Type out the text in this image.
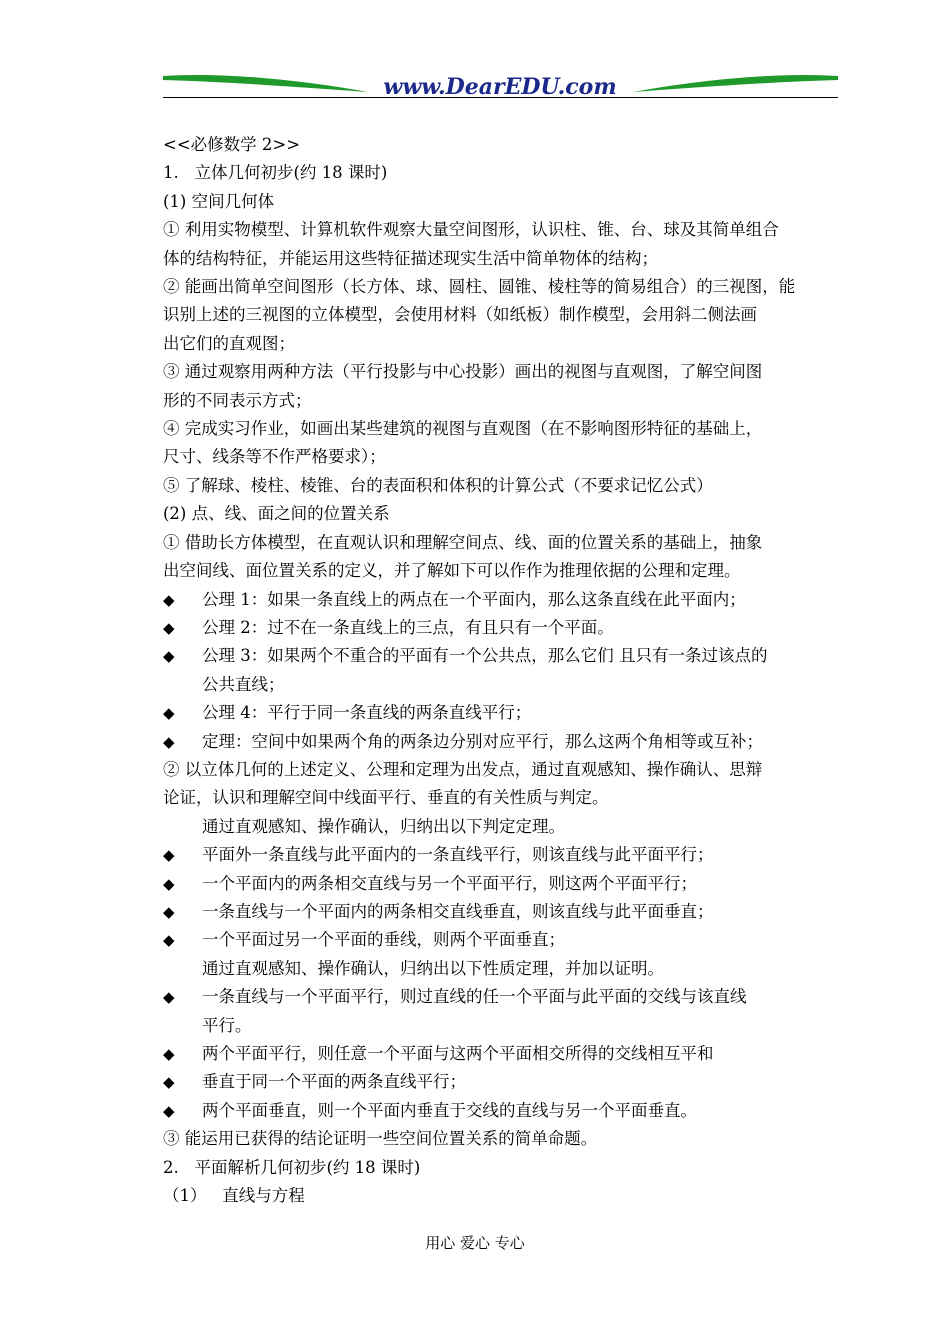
www.DearEDU.com
<<必修数学 2>>
1.   立体几何初步(约 18 课时)
(1) 空间几何体
① 利用实物模型、计算机软件观察大量空间图形，认识柱、锥、台、球及其简单组合
体的结构特征，并能运用这些特征描述现实生活中简单物体的结构；
② 能画出简单空间图形（长方体、球、圆柱、圆锥、棱柱等的简易组合）的三视图，能
识别上述的三视图的立体模型，会使用材料（如纸板）制作模型，会用斜二侧法画
出它们的直观图；
③ 通过观察用两种方法（平行投影与中心投影）画出的视图与直观图，了解空间图
形的不同表示方式；
④ 完成实习作业，如画出某些建筑的视图与直观图（在不影响图形特征的基础上，
尺寸、线条等不作严格要求）；
⑤ 了解球、棱柱、棱锥、台的表面积和体积的计算公式（不要求记忆公式）
(2) 点、线、面之间的位置关系
① 借助长方体模型，在直观认识和理解空间点、线、面的位置关系的基础上，抽象
出空间线、面位置关系的定义，并了解如下可以作作为推理依据的公理和定理。
◆	公理 1：如果一条直线上的两点在一个平面内，那么这条直线在此平面内；
◆	公理 2：过不在一条直线上的三点，有且只有一个平面。
◆	公理 3：如果两个不重合的平面有一个公共点，那么它们 且只有一条过该点的
公共直线；
◆	公理 4：平行于同一条直线的两条直线平行；
◆	定理：空间中如果两个角的两条边分别对应平行，那么这两个角相等或互补；
② 以立体几何的上述定义、公理和定理为出发点，通过直观感知、操作确认、思辩
论证，认识和理解空间中线面平行、垂直的有关性质与判定。
通过直观感知、操作确认，归纳出以下判定定理。
◆	平面外一条直线与此平面内的一条直线平行，则该直线与此平面平行；
◆	一个平面内的两条相交直线与另一个平面平行，则这两个平面平行；
◆	一条直线与一个平面内的两条相交直线垂直，则该直线与此平面垂直；
◆	一个平面过另一个平面的垂线，则两个平面垂直；
通过直观感知、操作确认，归纳出以下性质定理，并加以证明。
◆	一条直线与一个平面平行，则过直线的任一个平面与此平面的交线与该直线
平行。
◆	两个平面平行，则任意一个平面与这两个平面相交所得的交线相互平和
◆	垂直于同一个平面的两条直线平行；
◆	两个平面垂直，则一个平面内垂直于交线的直线与另一个平面垂直。
③ 能运用已获得的结论证明一些空间位置关系的简单命题。
2.   平面解析几何初步(约 18 课时)
（1）   直线与方程
用心 爱心 专心
